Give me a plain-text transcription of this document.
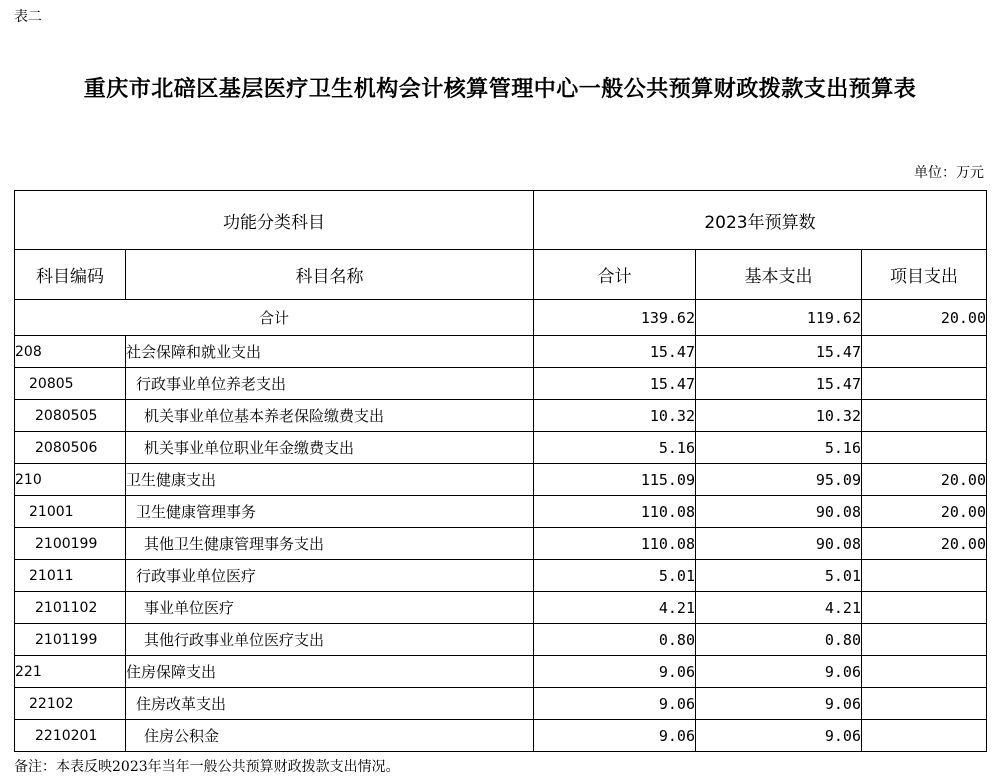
表二
重庆市北碚区基层医疗卫生机构会计核算管理中心一般公共预算财政拨款支出预算表
单位：万元
功能分类科目		2023年预算数		
科目编码	科目名称	合计	基本支出	项目支出
合计		139.62	119.62	20.00
208	社会保障和就业支出	15.47	15.47	
20805	行政事业单位养老支出	15.47	15.47	
2080505	机关事业单位基本养老保险缴费支出	10.32	10.32	
2080506	机关事业单位职业年金缴费支出	5.16	5.16	
210	卫生健康支出	115.09	95.09	20.00
21001	卫生健康管理事务	110.08	90.08	20.00
2100199	其他卫生健康管理事务支出	110.08	90.08	20.00
21011	行政事业单位医疗	5.01	5.01	
2101102	事业单位医疗	4.21	4.21	
2101199	其他行政事业单位医疗支出	0.80	0.80	
221	住房保障支出	9.06	9.06	
22102	住房改革支出	9.06	9.06	
2210201	住房公积金	9.06	9.06	
备注：本表反映2023年当年一般公共预算财政拨款支出情况。
